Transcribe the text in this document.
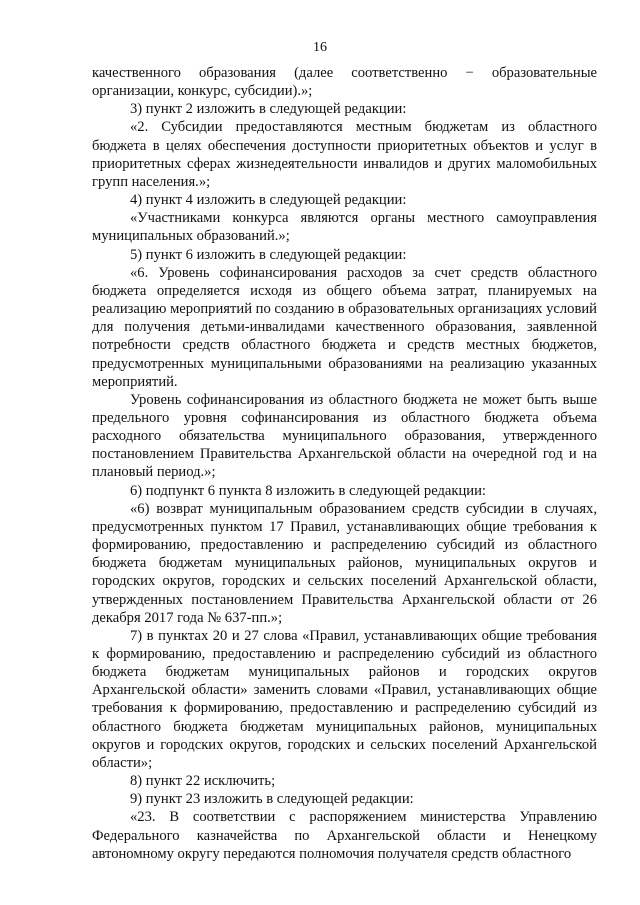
16

качественного образования (далее соответственно − образовательные организации, конкурс, субсидии).»;

3) пункт 2 изложить в следующей редакции:

«2. Субсидии предоставляются местным бюджетам из областного бюджета в целях обеспечения доступности приоритетных объектов и услуг в приоритетных сферах жизнедеятельности инвалидов и других маломобильных групп населения.»;

4) пункт 4 изложить в следующей редакции:

«Участниками конкурса являются органы местного самоуправления муниципальных образований.»;

5) пункт 6 изложить в следующей редакции:

«6. Уровень софинансирования расходов за счет средств областного бюджета определяется исходя из общего объема затрат, планируемых на реализацию мероприятий по созданию в образовательных организациях условий для получения детьми-инвалидами качественного образования, заявленной потребности средств областного бюджета и средств местных бюджетов, предусмотренных муниципальными образованиями на реализацию указанных мероприятий.

Уровень софинансирования из областного бюджета не может быть выше предельного уровня софинансирования из областного бюджета объема расходного обязательства муниципального образования, утвержденного постановлением Правительства Архангельской области на очередной год и на плановый период.»;

6) подпункт 6 пункта 8 изложить в следующей редакции:

«6) возврат муниципальным образованием средств субсидии в случаях, предусмотренных пунктом 17 Правил, устанавливающих общие требования к формированию, предоставлению и распределению субсидий из областного бюджета бюджетам муниципальных районов, муниципальных округов и городских округов, городских и сельских поселений Архангельской области, утвержденных постановлением Правительства Архангельской области от 26 декабря 2017 года № 637-пп.»;

7) в пунктах 20 и 27 слова «Правил, устанавливающих общие требования к формированию, предоставлению и распределению субсидий из областного бюджета бюджетам муниципальных районов и городских округов Архангельской области» заменить словами «Правил, устанавливающих общие требования к формированию, предоставлению и распределению субсидий из областного бюджета бюджетам муниципальных районов, муниципальных округов и городских округов, городских и сельских поселений Архангельской области»;

8) пункт 22 исключить;

9) пункт 23 изложить в следующей редакции:

«23. В соответствии с распоряжением министерства Управлению Федерального казначейства по Архангельской области и Ненецкому автономному округу передаются полномочия получателя средств областного
